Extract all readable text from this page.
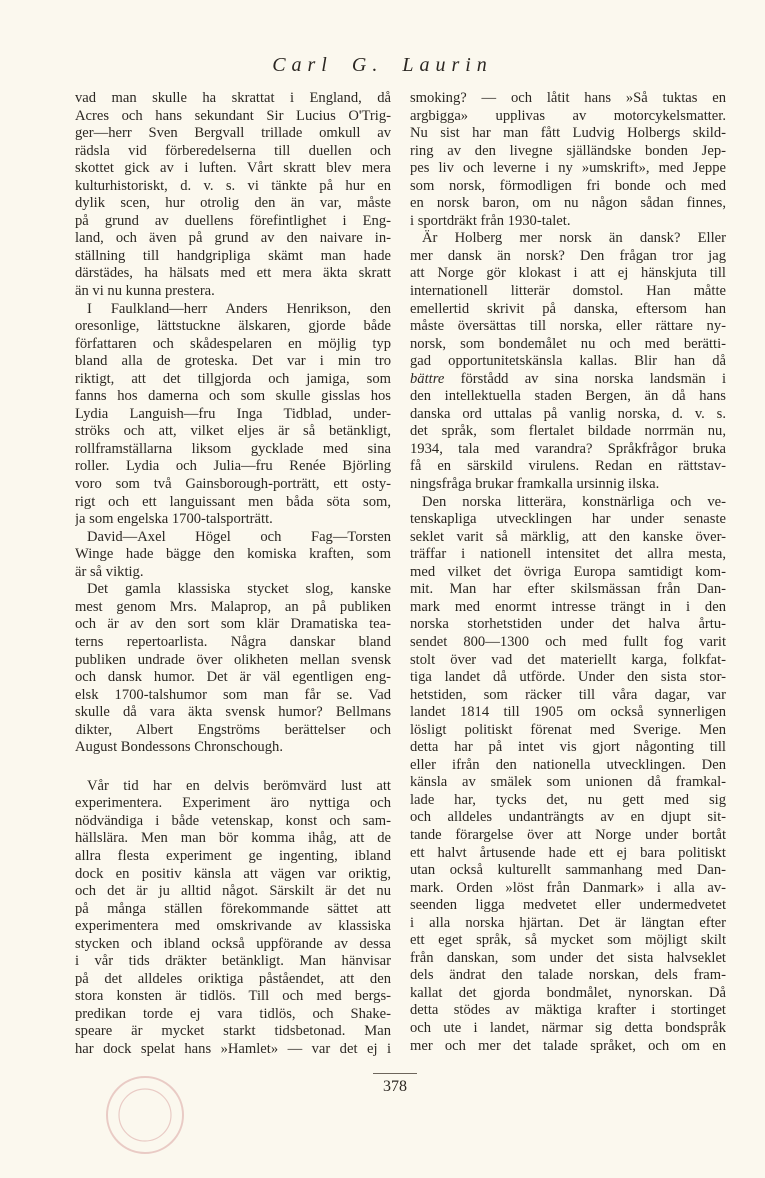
Carl G. Laurin
vad man skulle ha skrattat i England, då
Acres och hans sekundant Sir Lucius O'Trig-
ger—herr Sven Bergvall trillade omkull av
rädsla vid förberedelserna till duellen och
skottet gick av i luften. Vårt skratt blev mera
kulturhistoriskt, d. v. s. vi tänkte på hur en
dylik scen, hur otrolig den än var, måste
på grund av duellens förefintlighet i Eng-
land, och även på grund av den naivare in-
ställning till handgripliga skämt man hade
därstädes, ha hälsats med ett mera äkta skratt
än vi nu kunna prestera.
I Faulkland—herr Anders Henrikson, den
oresonlige, lättstuckne älskaren, gjorde både
författaren och skådespelaren en möjlig typ
bland alla de groteska. Det var i min tro
riktigt, att det tillgjorda och jamiga, som
fanns hos damerna och som skulle gisslas hos
Lydia Languish—fru Inga Tidblad, under-
ströks och att, vilket eljes är så betänkligt,
rollframställarna liksom gycklade med sina
roller. Lydia och Julia—fru Renée Björling
voro som två Gainsborough-porträtt, ett osty-
rigt och ett languissant men båda söta som,
ja som engelska 1700-talsporträtt.
David—Axel Högel och Fag—Torsten
Winge hade bägge den komiska kraften, som
är så viktig.
Det gamla klassiska stycket slog, kanske
mest genom Mrs. Malaprop, an på publiken
och är av den sort som klär Dramatiska tea-
terns repertoarlista. Några danskar bland
publiken undrade över olikheten mellan svensk
och dansk humor. Det är väl egentligen eng-
elsk 1700-talshumor som man får se. Vad
skulle då vara äkta svensk humor? Bellmans
dikter, Albert Engströms berättelser och
August Bondessons Chronschough.
Vår tid har en delvis berömvärd lust att
experimentera. Experiment äro nyttiga och
nödvändiga i både vetenskap, konst och sam-
hällslära. Men man bör komma ihåg, att de
allra flesta experiment ge ingenting, ibland
dock en positiv känsla att vägen var oriktig,
och det är ju alltid något. Särskilt är det nu
på många ställen förekommande sättet att
experimentera med omskrivande av klassiska
stycken och ibland också uppförande av dessa
i vår tids dräkter betänkligt. Man hänvisar
på det alldeles oriktiga påståendet, att den
stora konsten är tidlös. Till och med bergs-
predikan torde ej vara tidlös, och Shake-
speare är mycket starkt tidsbetonad. Man
har dock spelat hans »Hamlet» — var det ej i
smoking? — och låtit hans »Så tuktas en
argbigga» upplivas av motorcykelsmatter.
Nu sist har man fått Ludvig Holbergs skild-
ring av den livegne själländske bonden Jep-
pes liv och leverne i ny »umskrift», med Jeppe
som norsk, förmodligen fri bonde och med
en norsk baron, om nu någon sådan finnes,
i sportdräkt från 1930-talet.
Är Holberg mer norsk än dansk? Eller
mer dansk än norsk? Den frågan tror jag
att Norge gör klokast i att ej hänskjuta till
internationell litterär domstol. Han måtte
emellertid skrivit på danska, eftersom han
måste översättas till norska, eller rättare ny-
norsk, som bondemålet nu och med berätti-
gad opportunitetskänsla kallas. Blir han då
bättre förstådd av sina norska landsmän i
den intellektuella staden Bergen, än då hans
danska ord uttalas på vanlig norska, d. v. s.
det språk, som flertalet bildade norrmän nu,
1934, tala med varandra? Språkfrågor bruka
få en särskild virulens. Redan en rättstav-
ningsfråga brukar framkalla ursinnig ilska.
Den norska litterära, konstnärliga och ve-
tenskapliga utvecklingen har under senaste
seklet varit så märklig, att den kanske över-
träffar i nationell intensitet det allra mesta,
med vilket det övriga Europa samtidigt kom-
mit. Man har efter skilsmässan från Dan-
mark med enormt intresse trängt in i den
norska storhetstiden under det halva årtu-
sendet 800—1300 och med fullt fog varit
stolt över vad det materiellt karga, folkfat-
tiga landet då utförde. Under den sista stor-
hetstiden, som räcker till våra dagar, var
landet 1814 till 1905 om också synnerligen
lösligt politiskt förenat med Sverige. Men
detta har på intet vis gjort någonting till
eller ifrån den nationella utvecklingen. Den
känsla av smälek som unionen då framkal-
lade har, tycks det, nu gett med sig
och alldeles undanträngts av en djupt sit-
tande förargelse över att Norge under bortåt
ett halvt årtusende hade ett ej bara politiskt
utan också kulturellt sammanhang med Dan-
mark. Orden »löst från Danmark» i alla av-
seenden ligga medvetet eller undermedvetet
i alla norska hjärtan. Det är längtan efter
ett eget språk, så mycket som möjligt skilt
från danskan, som under det sista halvseklet
dels ändrat den talade norskan, dels fram-
kallat det gjorda bondmålet, nynorskan. Då
detta stödes av mäktiga krafter i stortinget
och ute i landet, närmar sig detta bondspråk
mer och mer det talade språket, och om en
378
